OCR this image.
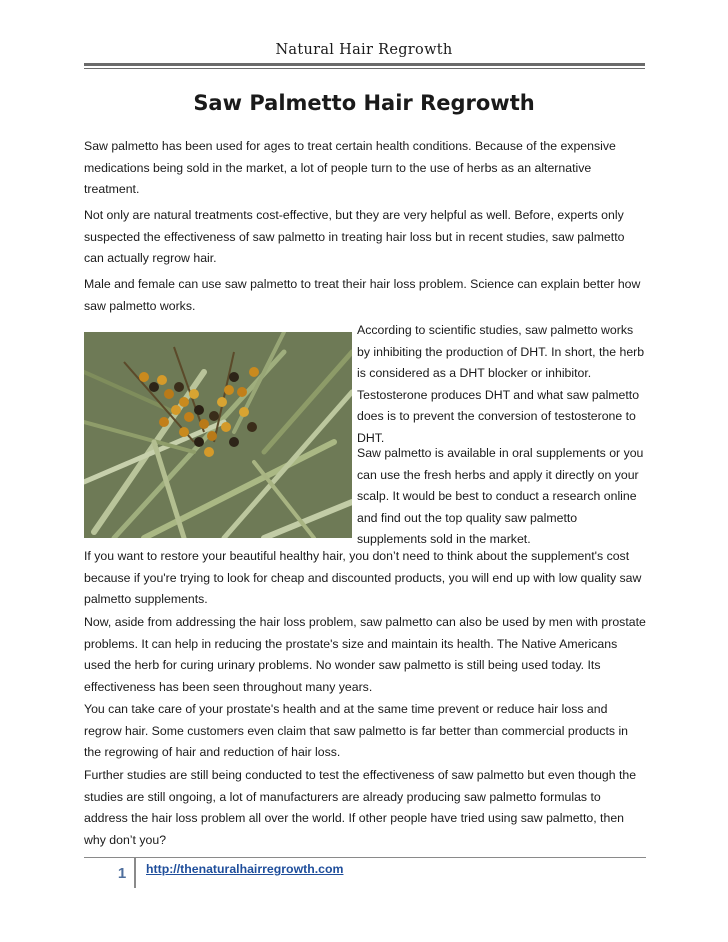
Natural Hair Regrowth
Saw Palmetto Hair Regrowth

Saw palmetto has been used for ages to treat certain health conditions. Because of the expensive medications being sold in the market, a lot of people turn to the use of herbs as an alternative treatment.

Not only are natural treatments cost-effective, but they are very helpful as well. Before, experts only suspected the effectiveness of saw palmetto in treating hair loss but in recent studies, saw palmetto can actually regrow hair.

Male and female can use saw palmetto to treat their hair loss problem. Science can explain better how saw palmetto works.

According to scientific studies, saw palmetto works by inhibiting the production of DHT. In short, the herb is considered as a DHT blocker or inhibitor. Testosterone produces DHT and what saw palmetto does is to prevent the conversion of testosterone to DHT.

Saw palmetto is available in oral supplements or you can use the fresh herbs and apply it directly on your scalp. It would be best to conduct a research online and find out the top quality saw palmetto supplements sold in the market.

If you want to restore your beautiful healthy hair, you don’t need to think about the supplement's cost because if you're trying to look for cheap and discounted products, you will end up with low quality saw palmetto supplements.

Now, aside from addressing the hair loss problem, saw palmetto can also be used by men with prostate problems. It can help in reducing the prostate's size and maintain its health. The Native Americans used the herb for curing urinary problems. No wonder saw palmetto is still being used today. Its effectiveness has been seen throughout many years.

You can take care of your prostate's health and at the same time prevent or reduce hair loss and regrow hair. Some customers even claim that saw palmetto is far better than commercial products in the regrowing of hair and reduction of hair loss.

Further studies are still being conducted to test the effectiveness of saw palmetto but even though the studies are still ongoing, a lot of manufacturers are already producing saw palmetto formulas to address the hair loss problem all over the world. If other people have tried using saw palmetto, then why don’t you?

1	http://thenaturalhairregrowth.com
